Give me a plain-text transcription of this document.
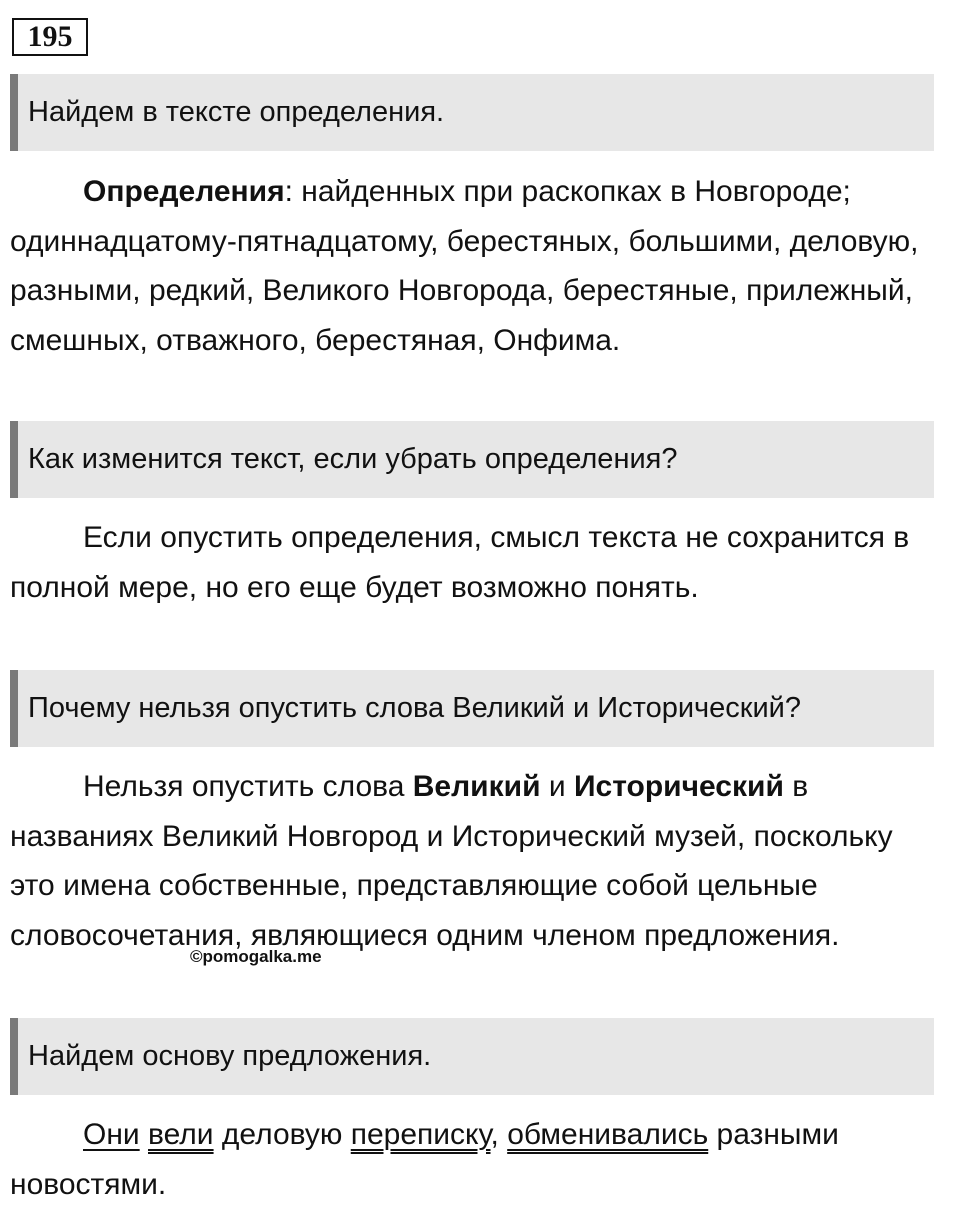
195
Найдем в тексте определения.

Определения: найденных при раскопках в Новгороде; одиннадцатому-пятнадцатому, берестяных, большими, деловую, разными, редкий, Великого Новгорода, берестяные, прилежный, смешных, отважного, берестяная, Онфима.

Как изменится текст, если убрать определения?

Если опустить определения, смысл текста не сохранится в полной мере, но его еще будет возможно понять.

Почему нельзя опустить слова Великий и Исторический?

Нельзя опустить слова Великий и Исторический в названиях Великий Новгород и Исторический музей, поскольку это имена собственные, представляющие собой цельные словосочетания, являющиеся одним членом предложения.

©pomogalka.me
Найдем основу предложения.

Они вели деловую переписку, обменивались разными новостями.
